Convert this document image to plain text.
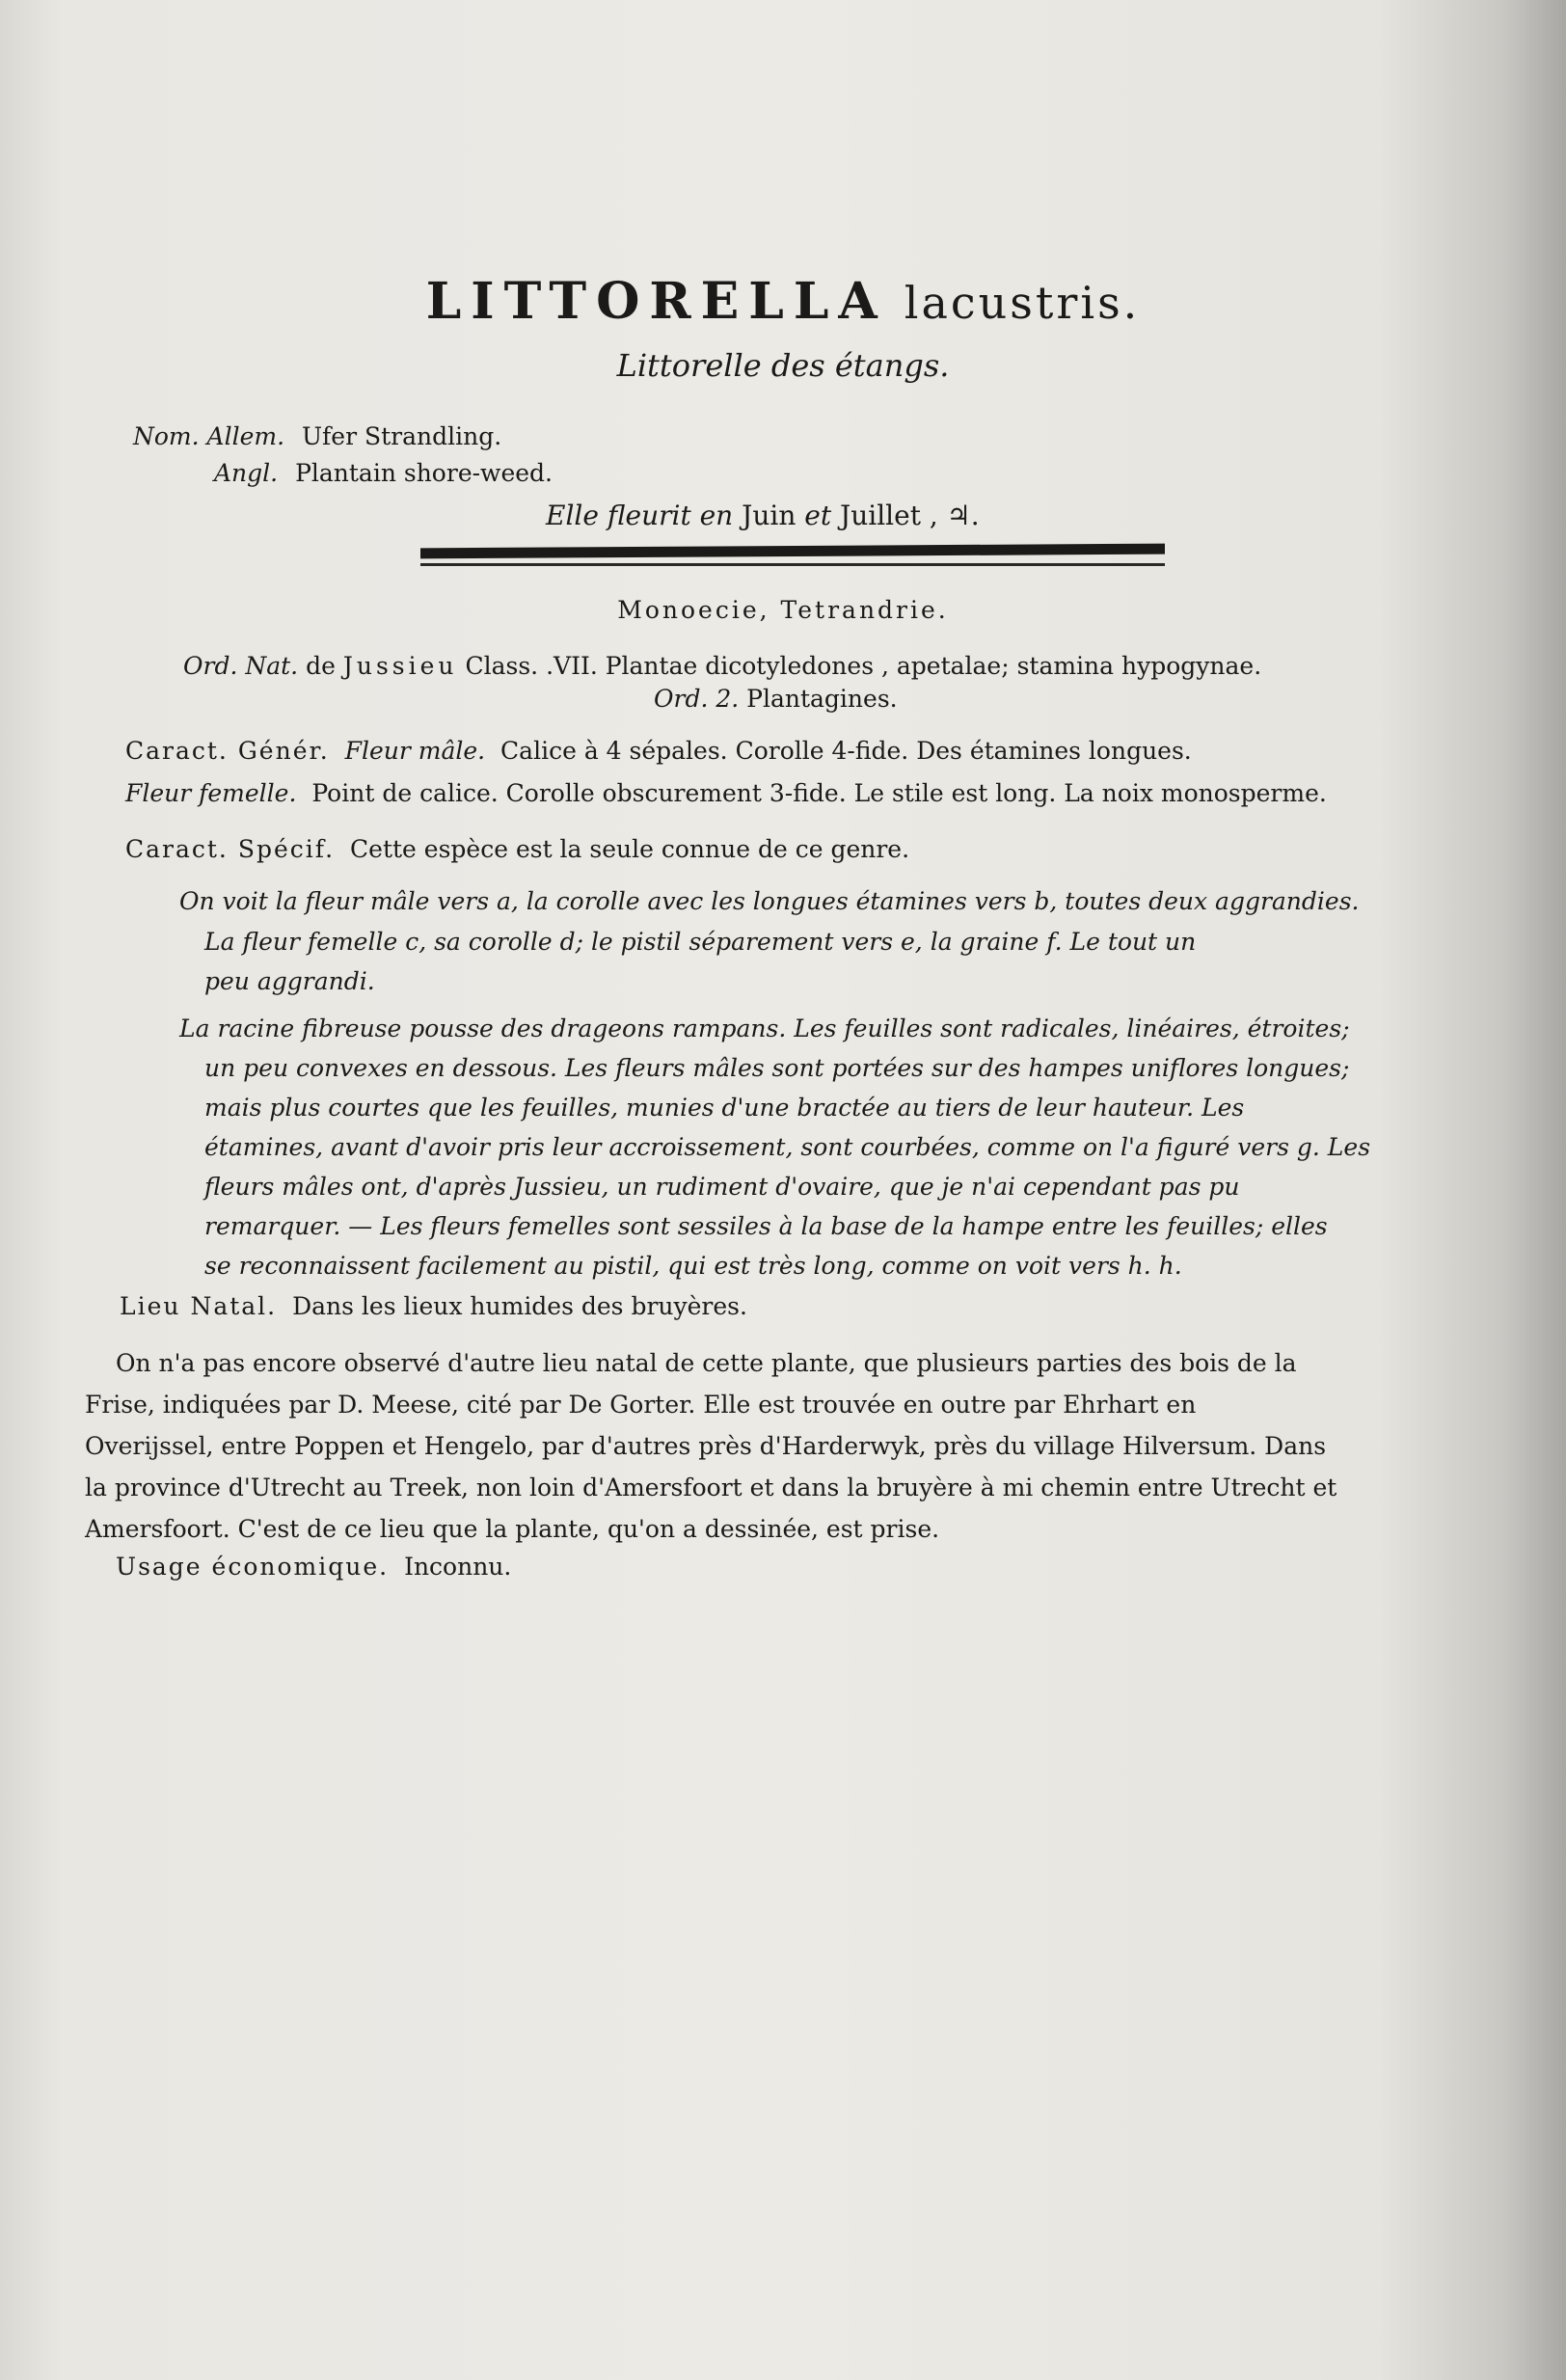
LITTORELLA lacustris.
Littorelle des étangs.
Nom. Allem. Ufer Strandling.
Angl. Plantain shore-weed.
Elle fleurit en Juin et Juillet , ♃.
Monoecie, Tetrandrie.
Ord. Nat. de Jussieu Class. .VII. Plantae dicotyledones , apetalae; stamina hypogynae.
Ord. 2. Plantagines.
Caract. Génér. Fleur mâle. Calice à 4 sépales. Corolle 4-fide. Des étamines longues.
Fleur femelle. Point de calice. Corolle obscurement 3-fide. Le stile est long. La noix monosperme.
Caract. Spécif. Cette espèce est la seule connue de ce genre.
On voit la fleur mâle vers a, la corolle avec les longues étamines vers b, toutes deux aggrandies.
La fleur femelle c, sa corolle d; le pistil séparement vers e, la graine f. Le tout un
peu aggrandi.
La racine fibreuse pousse des drageons rampans. Les feuilles sont radicales, linéaires, étroites;
un peu convexes en dessous. Les fleurs mâles sont portées sur des hampes uniflores longues;
mais plus courtes que les feuilles, munies d'une bractée au tiers de leur hauteur. Les
étamines, avant d'avoir pris leur accroissement, sont courbées, comme on l'a figuré vers g. Les
fleurs mâles ont, d'après Jussieu, un rudiment d'ovaire, que je n'ai cependant pas pu
remarquer. — Les fleurs femelles sont sessiles à la base de la hampe entre les feuilles; elles
se reconnaissent facilement au pistil, qui est très long, comme on voit vers h. h.
Lieu Natal. Dans les lieux humides des bruyères.
On n'a pas encore observé d'autre lieu natal de cette plante, que plusieurs parties des bois de la
Frise, indiquées par D. Meese, cité par De Gorter. Elle est trouvée en outre par Ehrhart en
Overijssel, entre Poppen et Hengelo, par d'autres près d'Harderwyk, près du village Hilversum. Dans
la province d'Utrecht au Treek, non loin d'Amersfoort et dans la bruyère à mi chemin entre Utrecht et
Amersfoort. C'est de ce lieu que la plante, qu'on a dessinée, est prise.
Usage économique. Inconnu.
